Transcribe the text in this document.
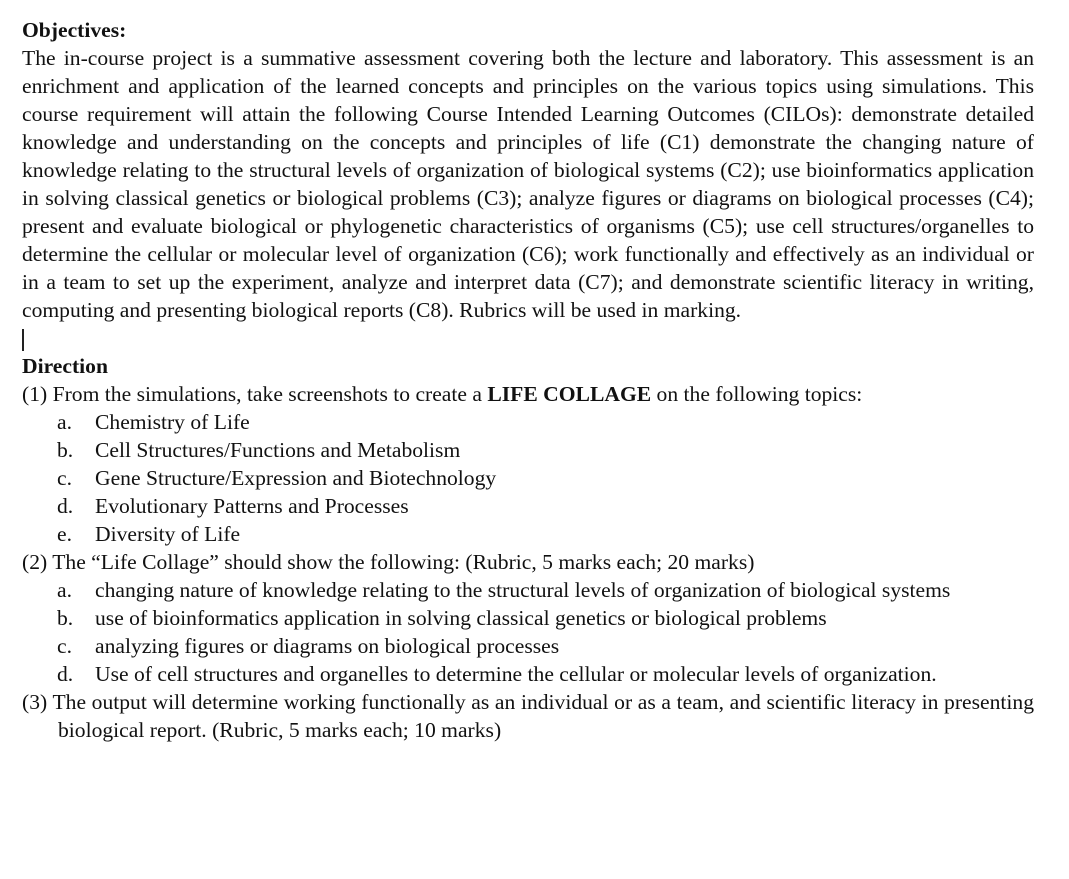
Objectives:

The in-course project is a summative assessment covering both the lecture and laboratory. This assessment is an enrichment and application of the learned concepts and principles on the various topics using simulations. This course requirement will attain the following Course Intended Learning Outcomes (CILOs): demonstrate detailed knowledge and understanding on the concepts and principles of life (C1) demonstrate the changing nature of knowledge relating to the structural levels of organization of biological systems (C2); use bioinformatics application in solving classical genetics or biological problems (C3); analyze figures or diagrams on biological processes (C4); present and evaluate biological or phylogenetic characteristics of organisms (C5); use cell structures/organelles to determine the cellular or molecular level of organization (C6); work functionally and effectively as an individual or in a team to set up the experiment, analyze and interpret data (C7); and demonstrate scientific literacy in writing, computing and presenting biological reports (C8). Rubrics will be used in marking.

Direction

(1) From the simulations, take screenshots to create a LIFE COLLAGE on the following topics:

a.	Chemistry of Life
b.	Cell Structures/Functions and Metabolism
c.	Gene Structure/Expression and Biotechnology
d.	Evolutionary Patterns and Processes
e.	Diversity of Life

(2) The “Life Collage” should show the following: (Rubric, 5 marks each; 20 marks)

a.	changing nature of knowledge relating to the structural levels of organization of biological systems
b.	use of bioinformatics application in solving classical genetics or biological problems
c.	analyzing figures or diagrams on biological processes
d.	Use of cell structures and organelles to determine the cellular or molecular levels of organization.

(3) The output will determine working functionally as an individual or as a team, and scientific literacy in presenting biological report. (Rubric, 5 marks each; 10 marks)
